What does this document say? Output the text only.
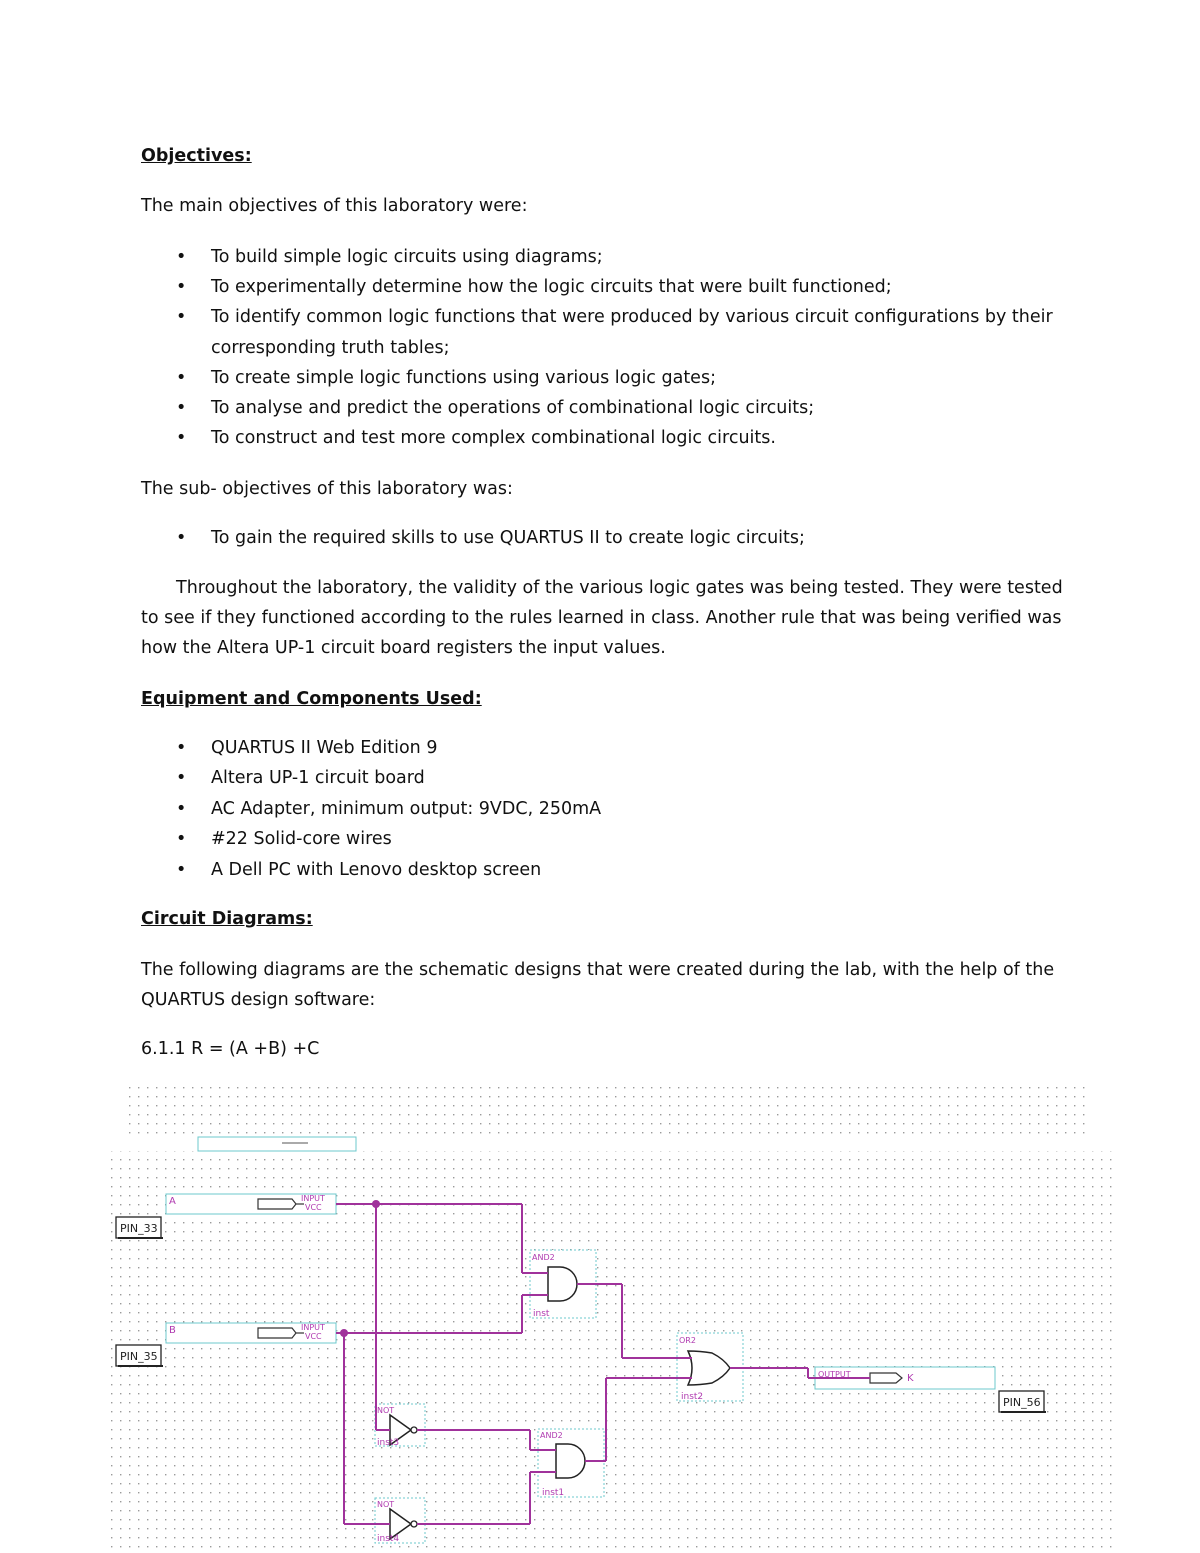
Objectives:
The main objectives of this laboratory were:
• To build simple logic circuits using diagrams;
• To experimentally determine how the logic circuits that were built functioned;
• To identify common logic functions that were produced by various circuit configurations by their
corresponding truth tables;
• To create simple logic functions using various logic gates;
• To analyse and predict the operations of combinational logic circuits;
• To construct and test more complex combinational logic circuits.
The sub- objectives of this laboratory was:
• To gain the required skills to use QUARTUS II to create logic circuits;
Throughout the laboratory, the validity of the various logic gates was being tested. They were tested
to see if they functioned according to the rules learned in class. Another rule that was being verified was
how the Altera UP-1 circuit board registers the input values.
Equipment and Components Used:
• QUARTUS II Web Edition 9
• Altera UP-1 circuit board
• AC Adapter, minimum output: 9VDC, 250mA
• #22 Solid-core wires
• A Dell PC with Lenovo desktop screen
Circuit Diagrams:
The following diagrams are the schematic designs that were created during the lab, with the help of the
QUARTUS design software:
6.1.1 R = (A +B) +C
A	INPUT
VCC
PIN_33
B	INPUT
VCC
PIN_35
AND2
inst
OR2
inst2
NOT
inst3
AND2
inst1
NOT
inst4
OUTPUT	K
PIN_56
